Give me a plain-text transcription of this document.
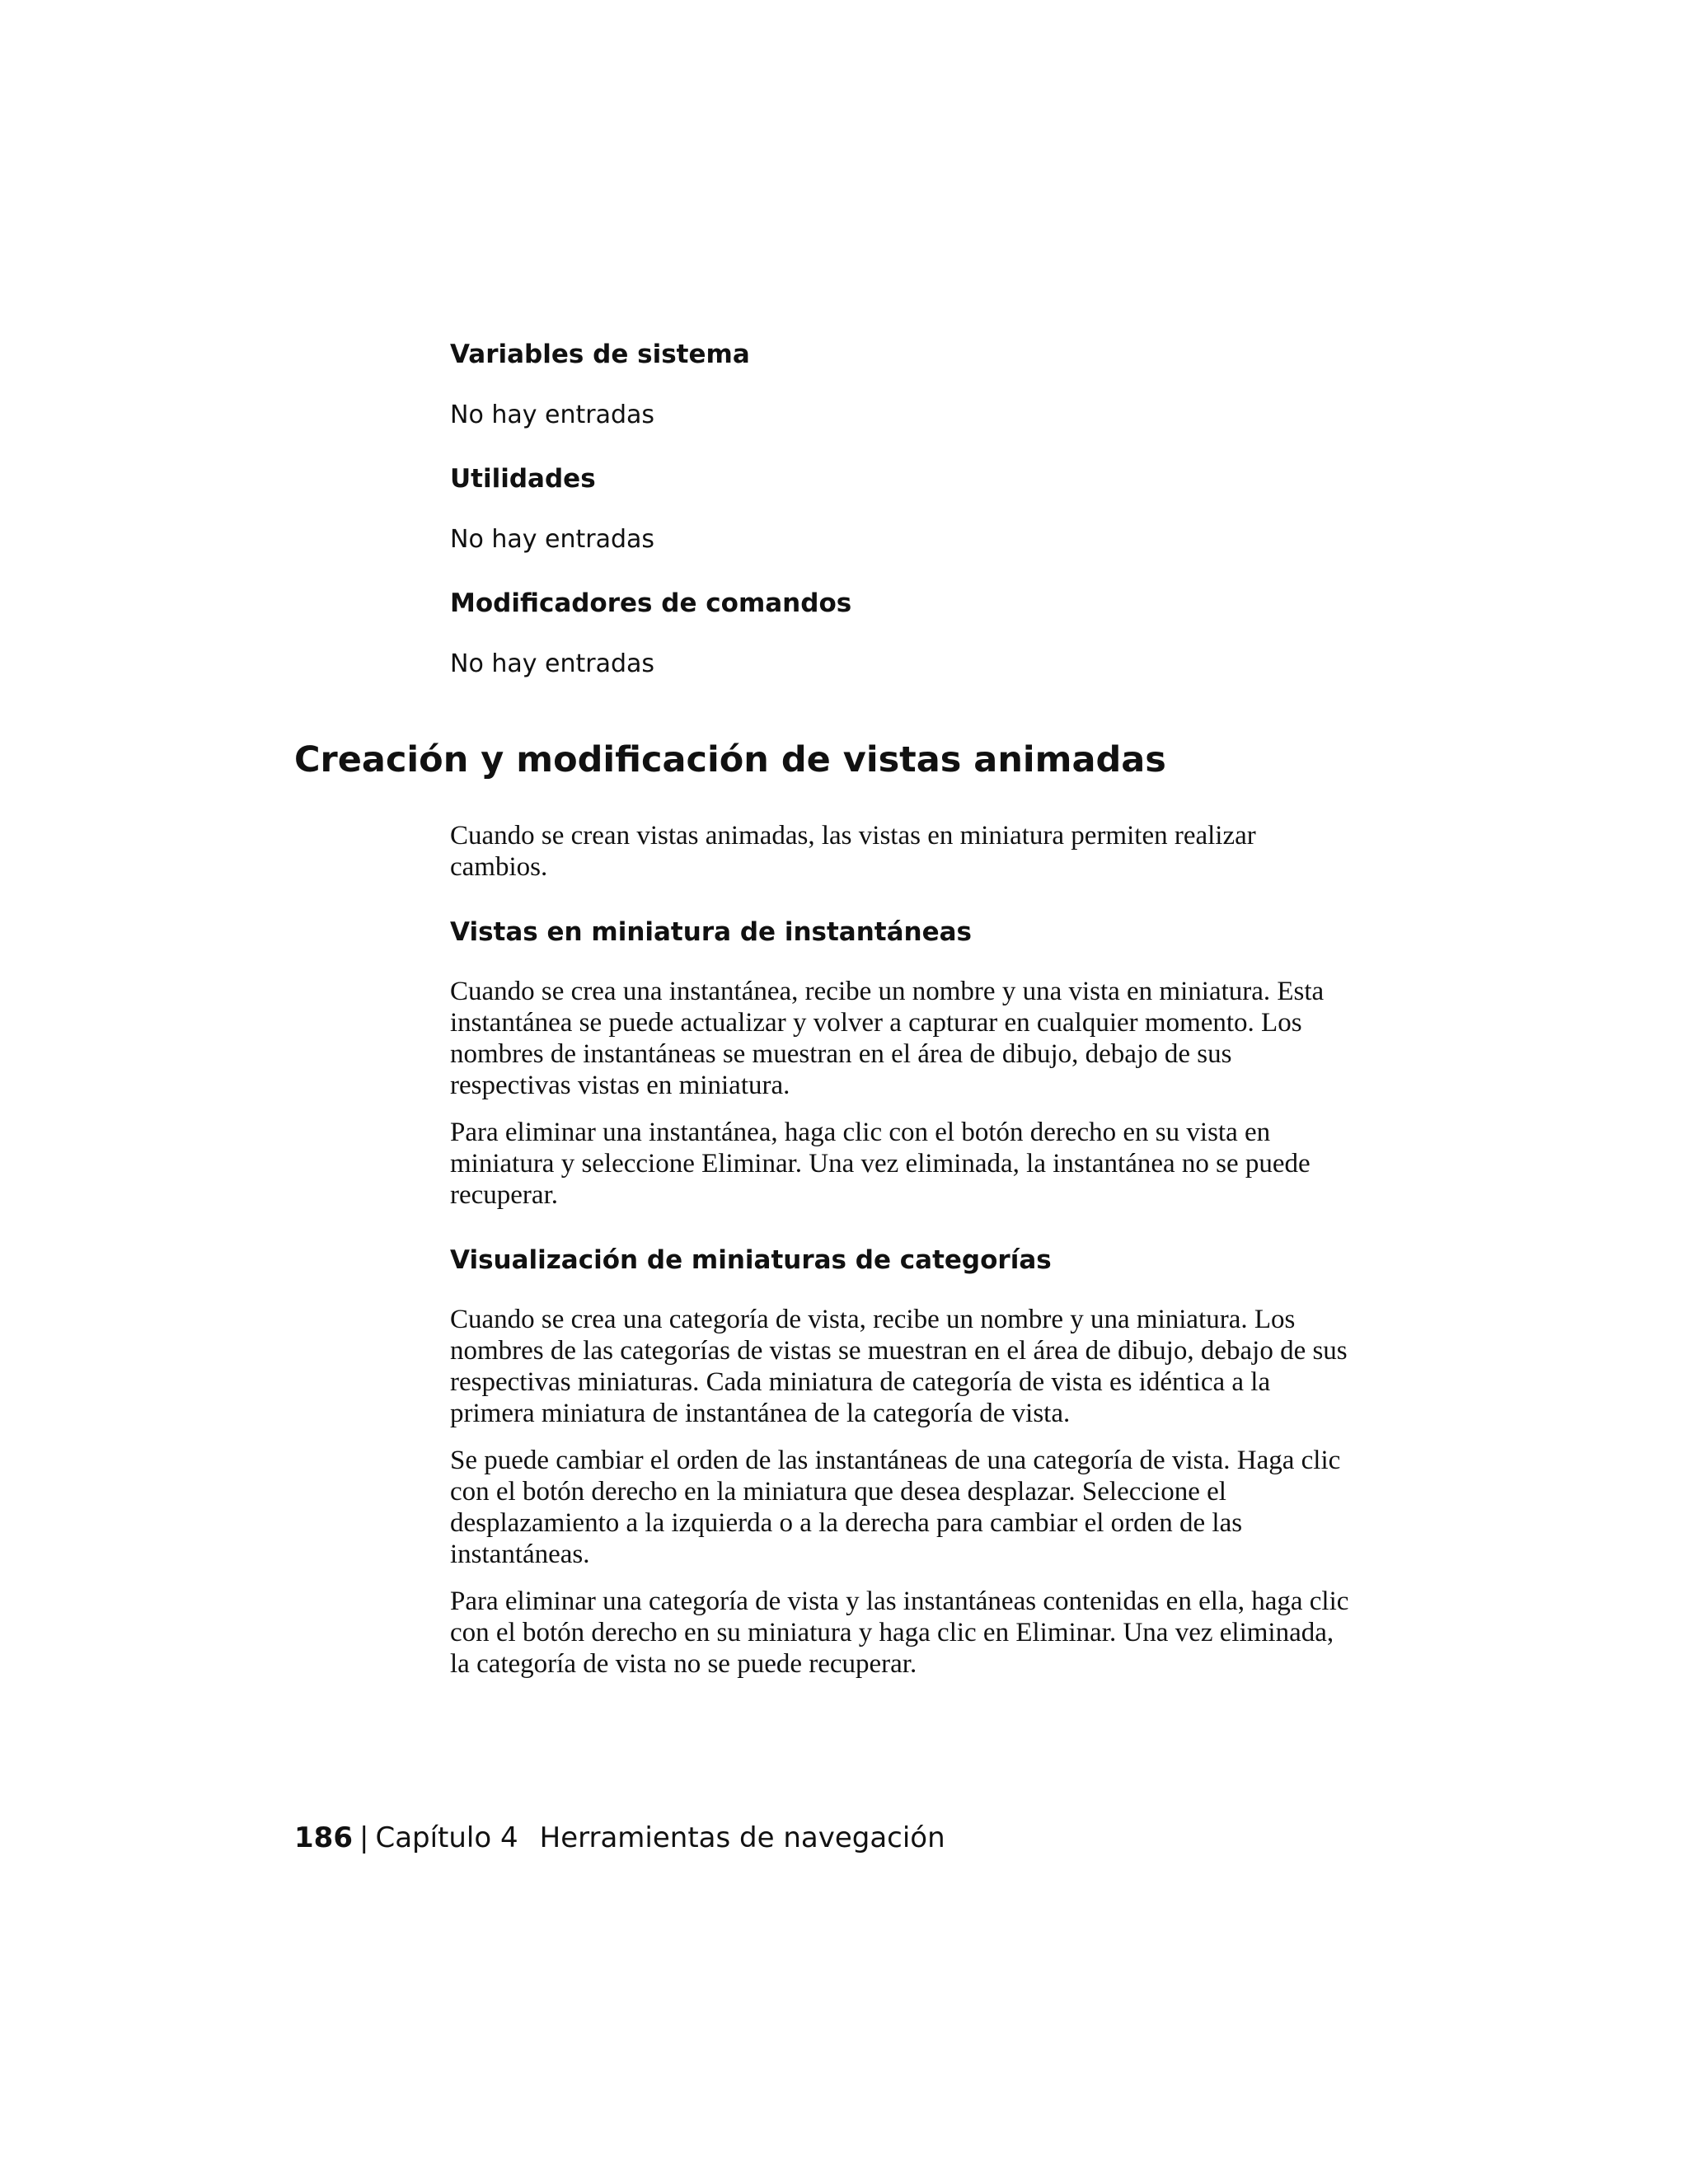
Variables de sistema
No hay entradas
Utilidades
No hay entradas
Modificadores de comandos
No hay entradas
Creación y modificación de vistas animadas
Cuando se crean vistas animadas, las vistas en miniatura permiten realizar cambios.
Vistas en miniatura de instantáneas
Cuando se crea una instantánea, recibe un nombre y una vista en miniatura. Esta instantánea se puede actualizar y volver a capturar en cualquier momento. Los nombres de instantáneas se muestran en el área de dibujo, debajo de sus respectivas vistas en miniatura.
Para eliminar una instantánea, haga clic con el botón derecho en su vista en miniatura y seleccione Eliminar. Una vez eliminada, la instantánea no se puede recuperar.
Visualización de miniaturas de categorías
Cuando se crea una categoría de vista, recibe un nombre y una miniatura. Los nombres de las categorías de vistas se muestran en el área de dibujo, debajo de sus respectivas miniaturas. Cada miniatura de categoría de vista es idéntica a la primera miniatura de instantánea de la categoría de vista.
Se puede cambiar el orden de las instantáneas de una categoría de vista. Haga clic con el botón derecho en la miniatura que desea desplazar. Seleccione el desplazamiento a la izquierda o a la derecha para cambiar el orden de las instantáneas.
Para eliminar una categoría de vista y las instantáneas contenidas en ella, haga clic con el botón derecho en su miniatura y haga clic en Eliminar. Una vez eliminada, la categoría de vista no se puede recuperar.
186 | Capítulo 4 Herramientas de navegación
